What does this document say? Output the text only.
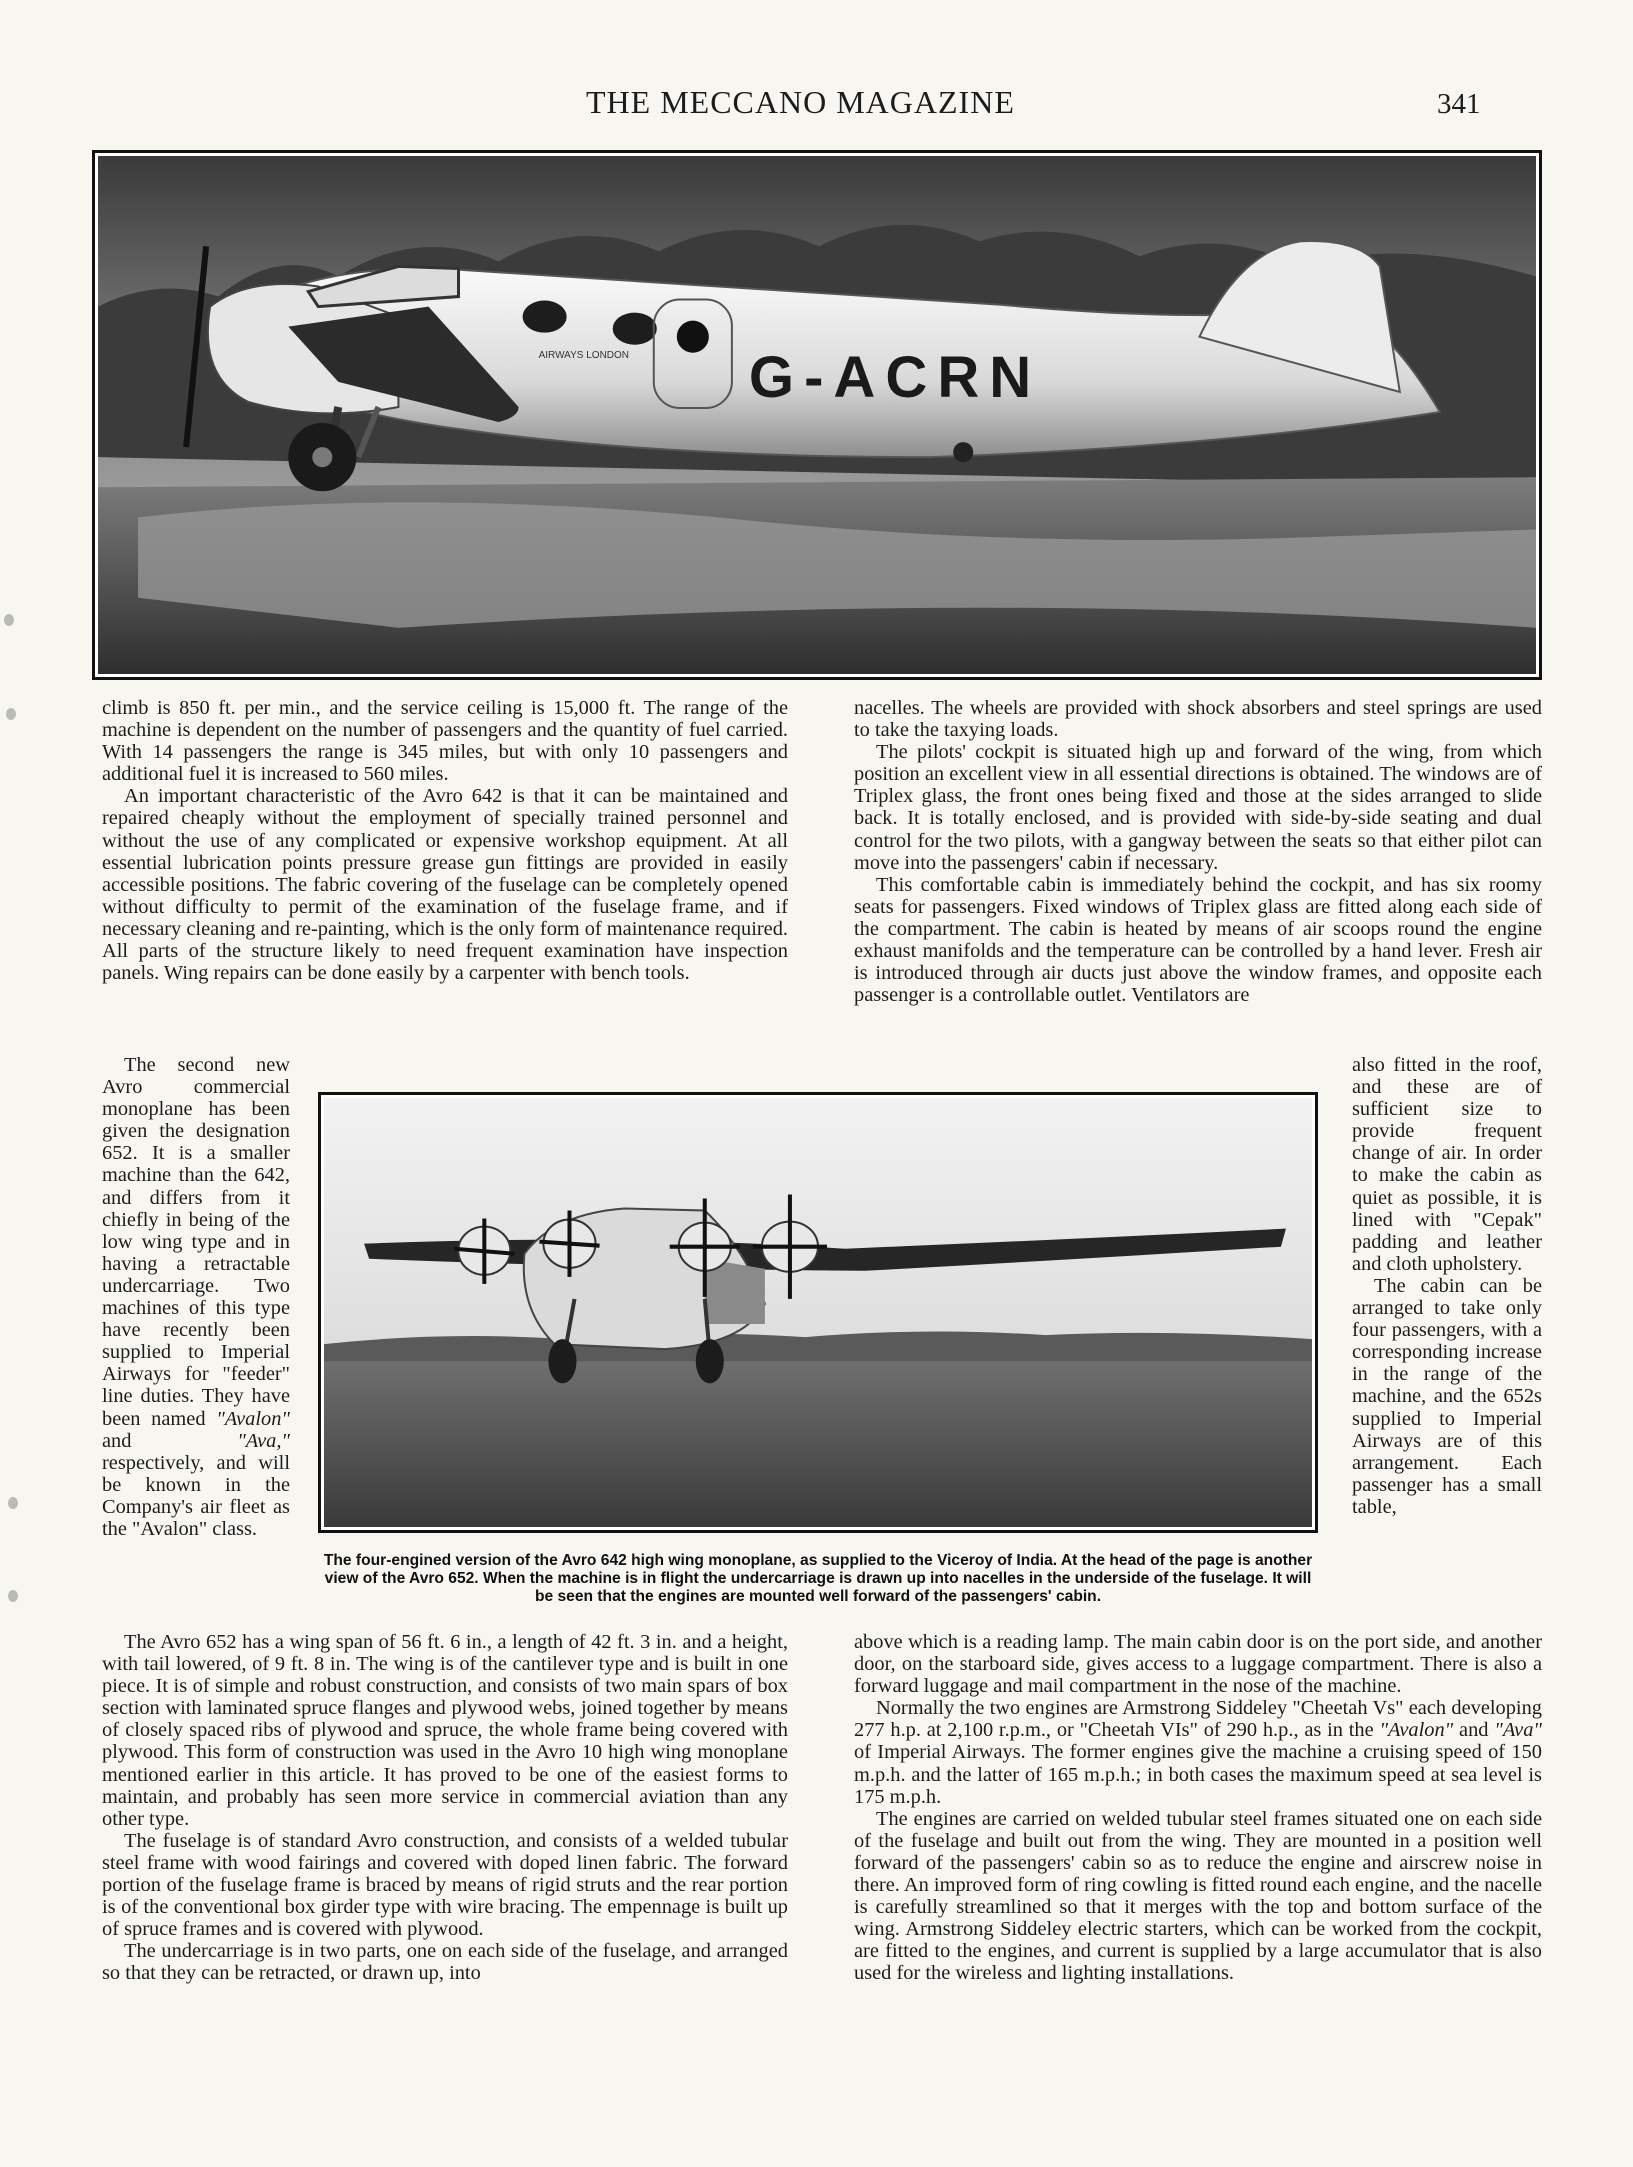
THE MECCANO MAGAZINE	341
G-ACRN
AIRWAYS LONDON

climb is 850 ft. per min., and the service ceiling is 15,000 ft. The range of the machine is dependent on the number of passengers and the quantity of fuel carried. With 14 passengers the range is 345 miles, but with only 10 passengers and additional fuel it is increased to 560 miles.

An important characteristic of the Avro 642 is that it can be maintained and repaired cheaply without the employment of specially trained personnel and without the use of any complicated or expensive workshop equipment. At all essential lubrication points pressure grease gun fittings are provided in easily accessible positions. The fabric covering of the fuselage can be completely opened without difficulty to permit of the examination of the fuselage frame, and if necessary cleaning and re-painting, which is the only form of maintenance required. All parts of the structure likely to need frequent examination have inspection panels. Wing repairs can be done easily by a carpenter with bench tools.

nacelles. The wheels are provided with shock absorbers and steel springs are used to take the taxying loads.

The pilots' cockpit is situated high up and forward of the wing, from which position an excellent view in all essential directions is obtained. The windows are of Triplex glass, the front ones being fixed and those at the sides arranged to slide back. It is totally enclosed, and is provided with side-by-side seating and dual control for the two pilots, with a gangway between the seats so that either pilot can move into the passengers' cabin if necessary.

This comfortable cabin is immediately behind the cockpit, and has six roomy seats for passengers. Fixed windows of Triplex glass are fitted along each side of the compartment. The cabin is heated by means of air scoops round the engine exhaust manifolds and the temperature can be controlled by a hand lever. Fresh air is introduced through air ducts just above the window frames, and opposite each passenger is a controllable outlet. Ventilators are

The second new Avro commercial monoplane has been given the designation 652. It is a smaller machine than the 642, and differs from it chiefly in being of the low wing type and in having a retractable undercarriage. Two machines of this type have recently been supplied to Imperial Airways for "feeder" line duties. They have been named "Avalon" and	"Ava," respectively, and will be known in the Company's air fleet as the "Avalon" class.

The four-engined version of the Avro 642 high wing monoplane, as supplied to the Viceroy of India. At the head of the page is another view of the Avro 652. When the machine is in flight the undercarriage is drawn up into nacelles in the underside of the fuselage. It will be seen that the engines are mounted well forward of the passengers' cabin.

also fitted in the roof, and these are of sufficient size to provide frequent change of air. In order to make the cabin as quiet as possible, it is lined with "Cepak" padding and leather and cloth upholstery.

The cabin can be arranged to take only four passengers, with a corresponding increase in the range of the machine, and the 652s supplied to Imperial Airways are of this arrangement. Each passenger has a small table,

The Avro 652 has a wing span of 56 ft. 6 in., a length of 42 ft. 3 in. and a height, with tail lowered, of 9 ft. 8 in. The wing is of the cantilever type and is built in one piece. It is of simple and robust construction, and consists of two main spars of box section with laminated spruce flanges and plywood webs, joined together by means of closely spaced ribs of plywood and spruce, the whole frame being covered with plywood. This form of construction was used in the Avro 10 high wing monoplane mentioned earlier in this article. It has proved to be one of the easiest forms to maintain, and probably has seen more service in commercial aviation than any other type.

The fuselage is of standard Avro construction, and consists of a welded tubular steel frame with wood fairings and covered with doped linen fabric. The forward portion of the fuselage frame is braced by means of rigid struts and the rear portion is of the conventional box girder type with wire bracing. The empennage is built up of spruce frames and is covered with plywood.

The undercarriage is in two parts, one on each side of the fuselage, and arranged so that they can be retracted, or drawn up, into

above which is a reading lamp. The main cabin door is on the port side, and another door, on the starboard side, gives access to a luggage compartment. There is also a forward luggage and mail compartment in the nose of the machine.

Normally the two engines are Armstrong Siddeley "Cheetah Vs" each developing 277 h.p. at 2,100 r.p.m., or "Cheetah VIs" of 290 h.p., as in the "Avalon" and "Ava" of Imperial Airways. The former engines give the machine a cruising speed of 150 m.p.h. and the latter of 165 m.p.h.; in both cases the maximum speed at sea level is 175 m.p.h.

The engines are carried on welded tubular steel frames situated one on each side of the fuselage and built out from the wing. They are mounted in a position well forward of the passengers' cabin so as to reduce the engine and airscrew noise in there. An improved form of ring cowling is fitted round each engine, and the nacelle is carefully streamlined so that it merges with the top and bottom surface of the wing. Armstrong Siddeley electric starters, which can be worked from the cockpit, are fitted to the engines, and current is supplied by a large accumulator that is also used for the wireless and lighting installations.
